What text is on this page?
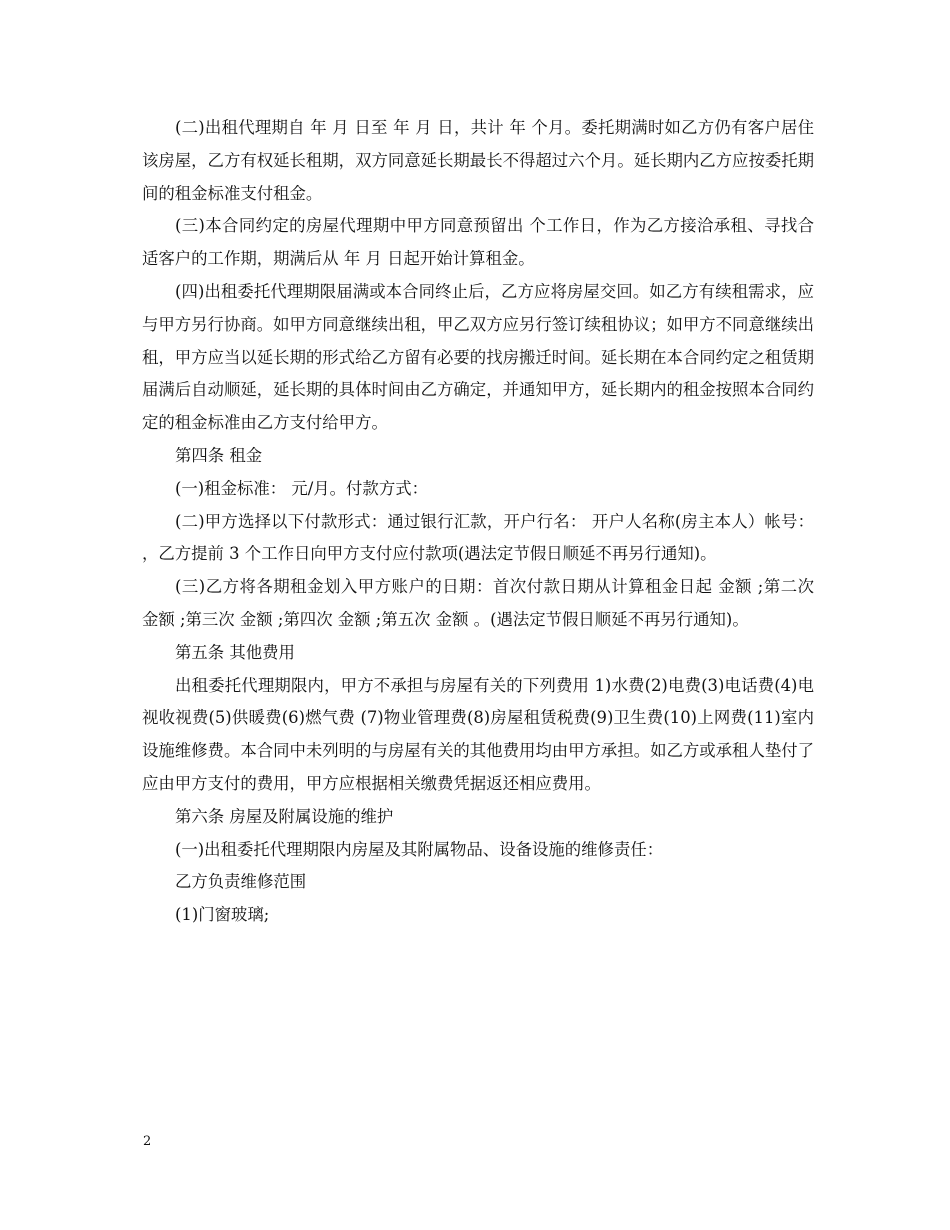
(二)出租代理期自 年 月 日至 年 月 日，共计 年 个月。委托期满时如乙方仍有客户居住该房屋，乙方有权延长租期，双方同意延长期最长不得超过六个月。延长期内乙方应按委托期间的租金标准支付租金。

(三)本合同约定的房屋代理期中甲方同意预留出 个工作日，作为乙方接洽承租、寻找合适客户的工作期，期满后从 年 月 日起开始计算租金。

(四)出租委托代理期限届满或本合同终止后，乙方应将房屋交回。如乙方有续租需求，应与甲方另行协商。如甲方同意继续出租，甲乙双方应另行签订续租协议；如甲方不同意继续出租，甲方应当以延长期的形式给乙方留有必要的找房搬迁时间。延长期在本合同约定之租赁期届满后自动顺延，延长期的具体时间由乙方确定，并通知甲方，延长期内的租金按照本合同约定的租金标准由乙方支付给甲方。

第四条 租金

(一)租金标准： 元/月。付款方式：

(二)甲方选择以下付款形式：通过银行汇款，开户行名： 开户人名称(房主本人）帐号： ，乙方提前 3 个工作日向甲方支付应付款项(遇法定节假日顺延不再另行通知)。

(三)乙方将各期租金划入甲方账户的日期：首次付款日期从计算租金日起 金额 ;第二次 金额 ;第三次 金额 ;第四次 金额 ;第五次 金额 。(遇法定节假日顺延不再另行通知)。

第五条 其他费用

出租委托代理期限内，甲方不承担与房屋有关的下列费用 1)水费(2)电费(3)电话费(4)电视收视费(5)供暖费(6)燃气费 (7)物业管理费(8)房屋租赁税费(9)卫生费(10)上网费(11)室内设施维修费。本合同中未列明的与房屋有关的其他费用均由甲方承担。如乙方或承租人垫付了应由甲方支付的费用，甲方应根据相关缴费凭据返还相应费用。

第六条 房屋及附属设施的维护

(一)出租委托代理期限内房屋及其附属物品、设备设施的维修责任：

乙方负责维修范围

(1)门窗玻璃;

2
